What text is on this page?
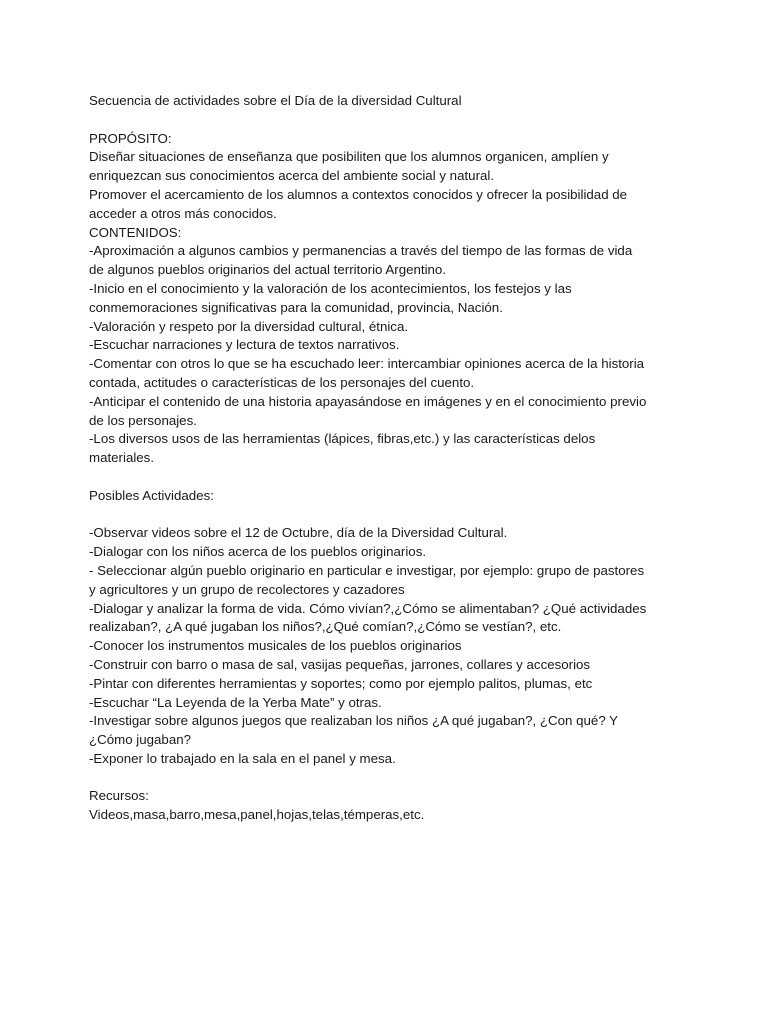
Secuencia de actividades sobre el Día de la diversidad Cultural
PROPÓSITO:
Diseñar situaciones de enseñanza que posibiliten que los alumnos organicen, amplíen y
enriquezcan sus conocimientos acerca del ambiente social y natural.
Promover el acercamiento de los alumnos a contextos conocidos y ofrecer la posibilidad de
acceder a otros más conocidos.
CONTENIDOS:
-Aproximación a algunos cambios y permanencias a través del tiempo de las formas de vida
de algunos pueblos originarios del actual territorio Argentino.
-Inicio en el conocimiento y la valoración de los acontecimientos, los festejos y las
conmemoraciones significativas para la comunidad, provincia, Nación.
-Valoración y respeto por la diversidad cultural, étnica.
-Escuchar narraciones y lectura de textos narrativos.
-Comentar con otros lo que se ha escuchado leer: intercambiar opiniones acerca de la historia
contada, actitudes o características de los personajes del cuento.
-Anticipar el contenido de una historia apayasándose en imágenes y en el conocimiento previo
de los personajes.
-Los diversos usos de las herramientas (lápices, fibras,etc.) y las características delos
materiales.
Posibles Actividades:
-Observar videos sobre el 12 de Octubre, día de la Diversidad Cultural.
-Dialogar con los niños acerca de los pueblos originarios.
- Seleccionar algún pueblo originario en particular e investigar, por ejemplo: grupo de pastores
y agricultores y un grupo de recolectores y cazadores
-Dialogar y analizar la forma de vida. Cómo vivían?,¿Cómo se alimentaban? ¿Qué actividades
realizaban?, ¿A qué jugaban los niños?,¿Qué comían?,¿Cómo se vestían?, etc.
-Conocer los instrumentos musicales de los pueblos originarios
-Construir con barro o masa de sal, vasijas pequeñas, jarrones, collares y accesorios
-Pintar con diferentes herramientas y soportes; como por ejemplo palitos, plumas, etc
-Escuchar “La Leyenda de la Yerba Mate” y otras.
-Investigar sobre algunos juegos que realizaban los niños ¿A qué jugaban?, ¿Con qué? Y
¿Cómo jugaban?
-Exponer lo trabajado en la sala en el panel y mesa.
Recursos:
Videos,masa,barro,mesa,panel,hojas,telas,témperas,etc.
